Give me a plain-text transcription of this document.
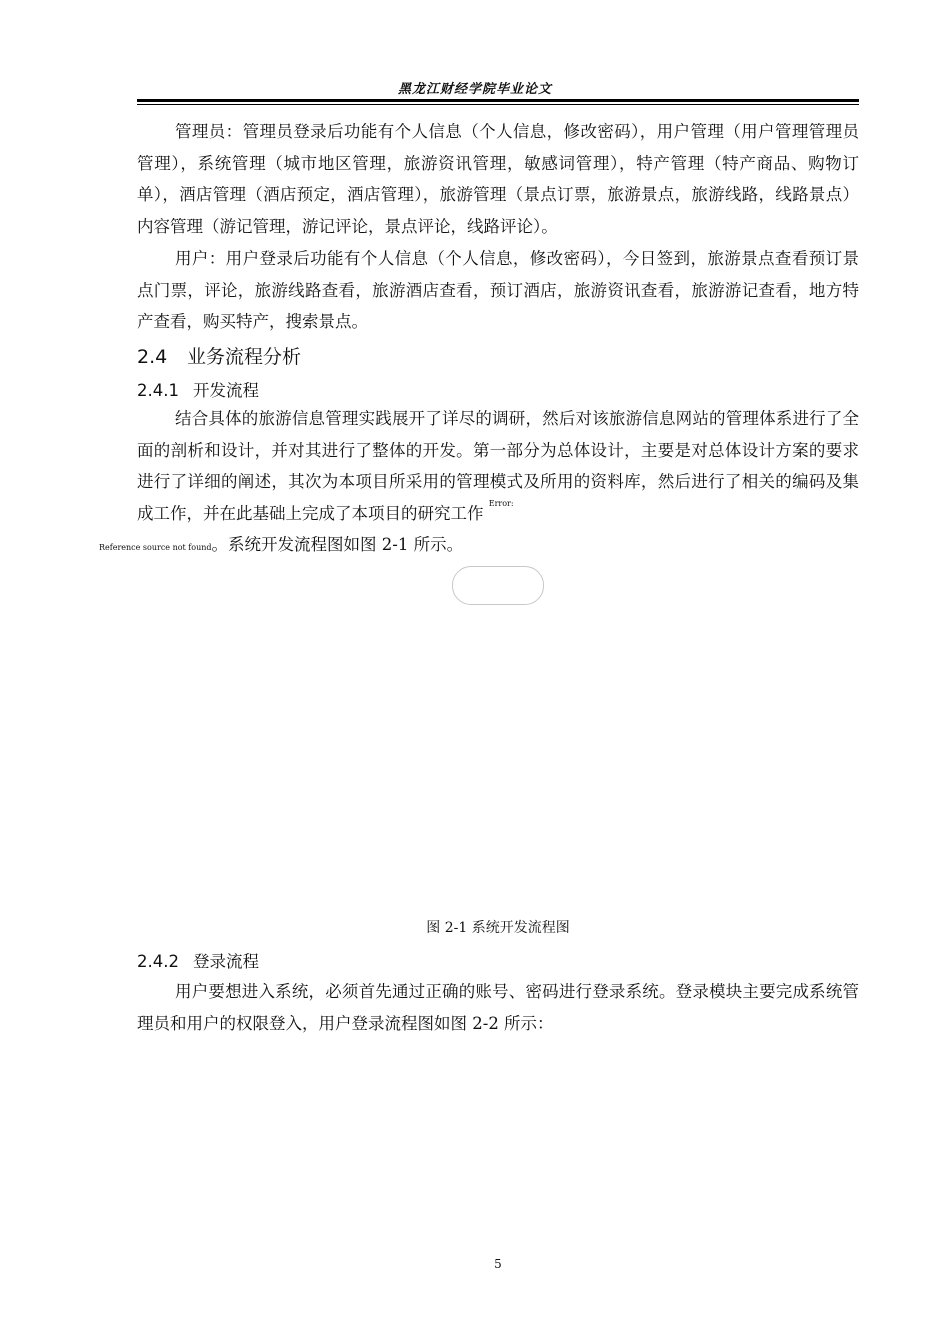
黑龙江财经学院毕业论文

管理员：管理员登录后功能有个人信息（个人信息，修改密码），用户管理（用户管理管理员管理），系统管理（城市地区管理，旅游资讯管理，敏感词管理），特产管理（特产商品、购物订单），酒店管理（酒店预定，酒店管理），旅游管理（景点订票，旅游景点，旅游线路，线路景点）内容管理（游记管理，游记评论，景点评论，线路评论）。

用户：用户登录后功能有个人信息（个人信息，修改密码），今日签到，旅游景点查看预订景点门票，评论，旅游线路查看，旅游酒店查看，预订酒店，旅游资讯查看，旅游游记查看，地方特产查看，购买特产，搜索景点。

2.4 业务流程分析
2.4.1 开发流程

结合具体的旅游信息管理实践展开了详尽的调研，然后对该旅游信息网站的管理体系进行了全面的剖析和设计，并对其进行了整体的开发。第一部分为总体设计，主要是对总体设计方案的要求进行了详细的阐述，其次为本项目所采用的管理模式及所用的资料库，然后进行了相关的编码及集成工作，并在此基础上完成了本项目的研究工作 $^{Error:}$
Reference source not found。系统开发流程图如图 2-1 所示。

图 2-1 系统开发流程图
2.4.2 登录流程

用户要想进入系统，必须首先通过正确的账号、密码进行登录系统。登录模块主要完成系统管理员和用户的权限登入，用户登录流程图如图 2-2 所示：

5
